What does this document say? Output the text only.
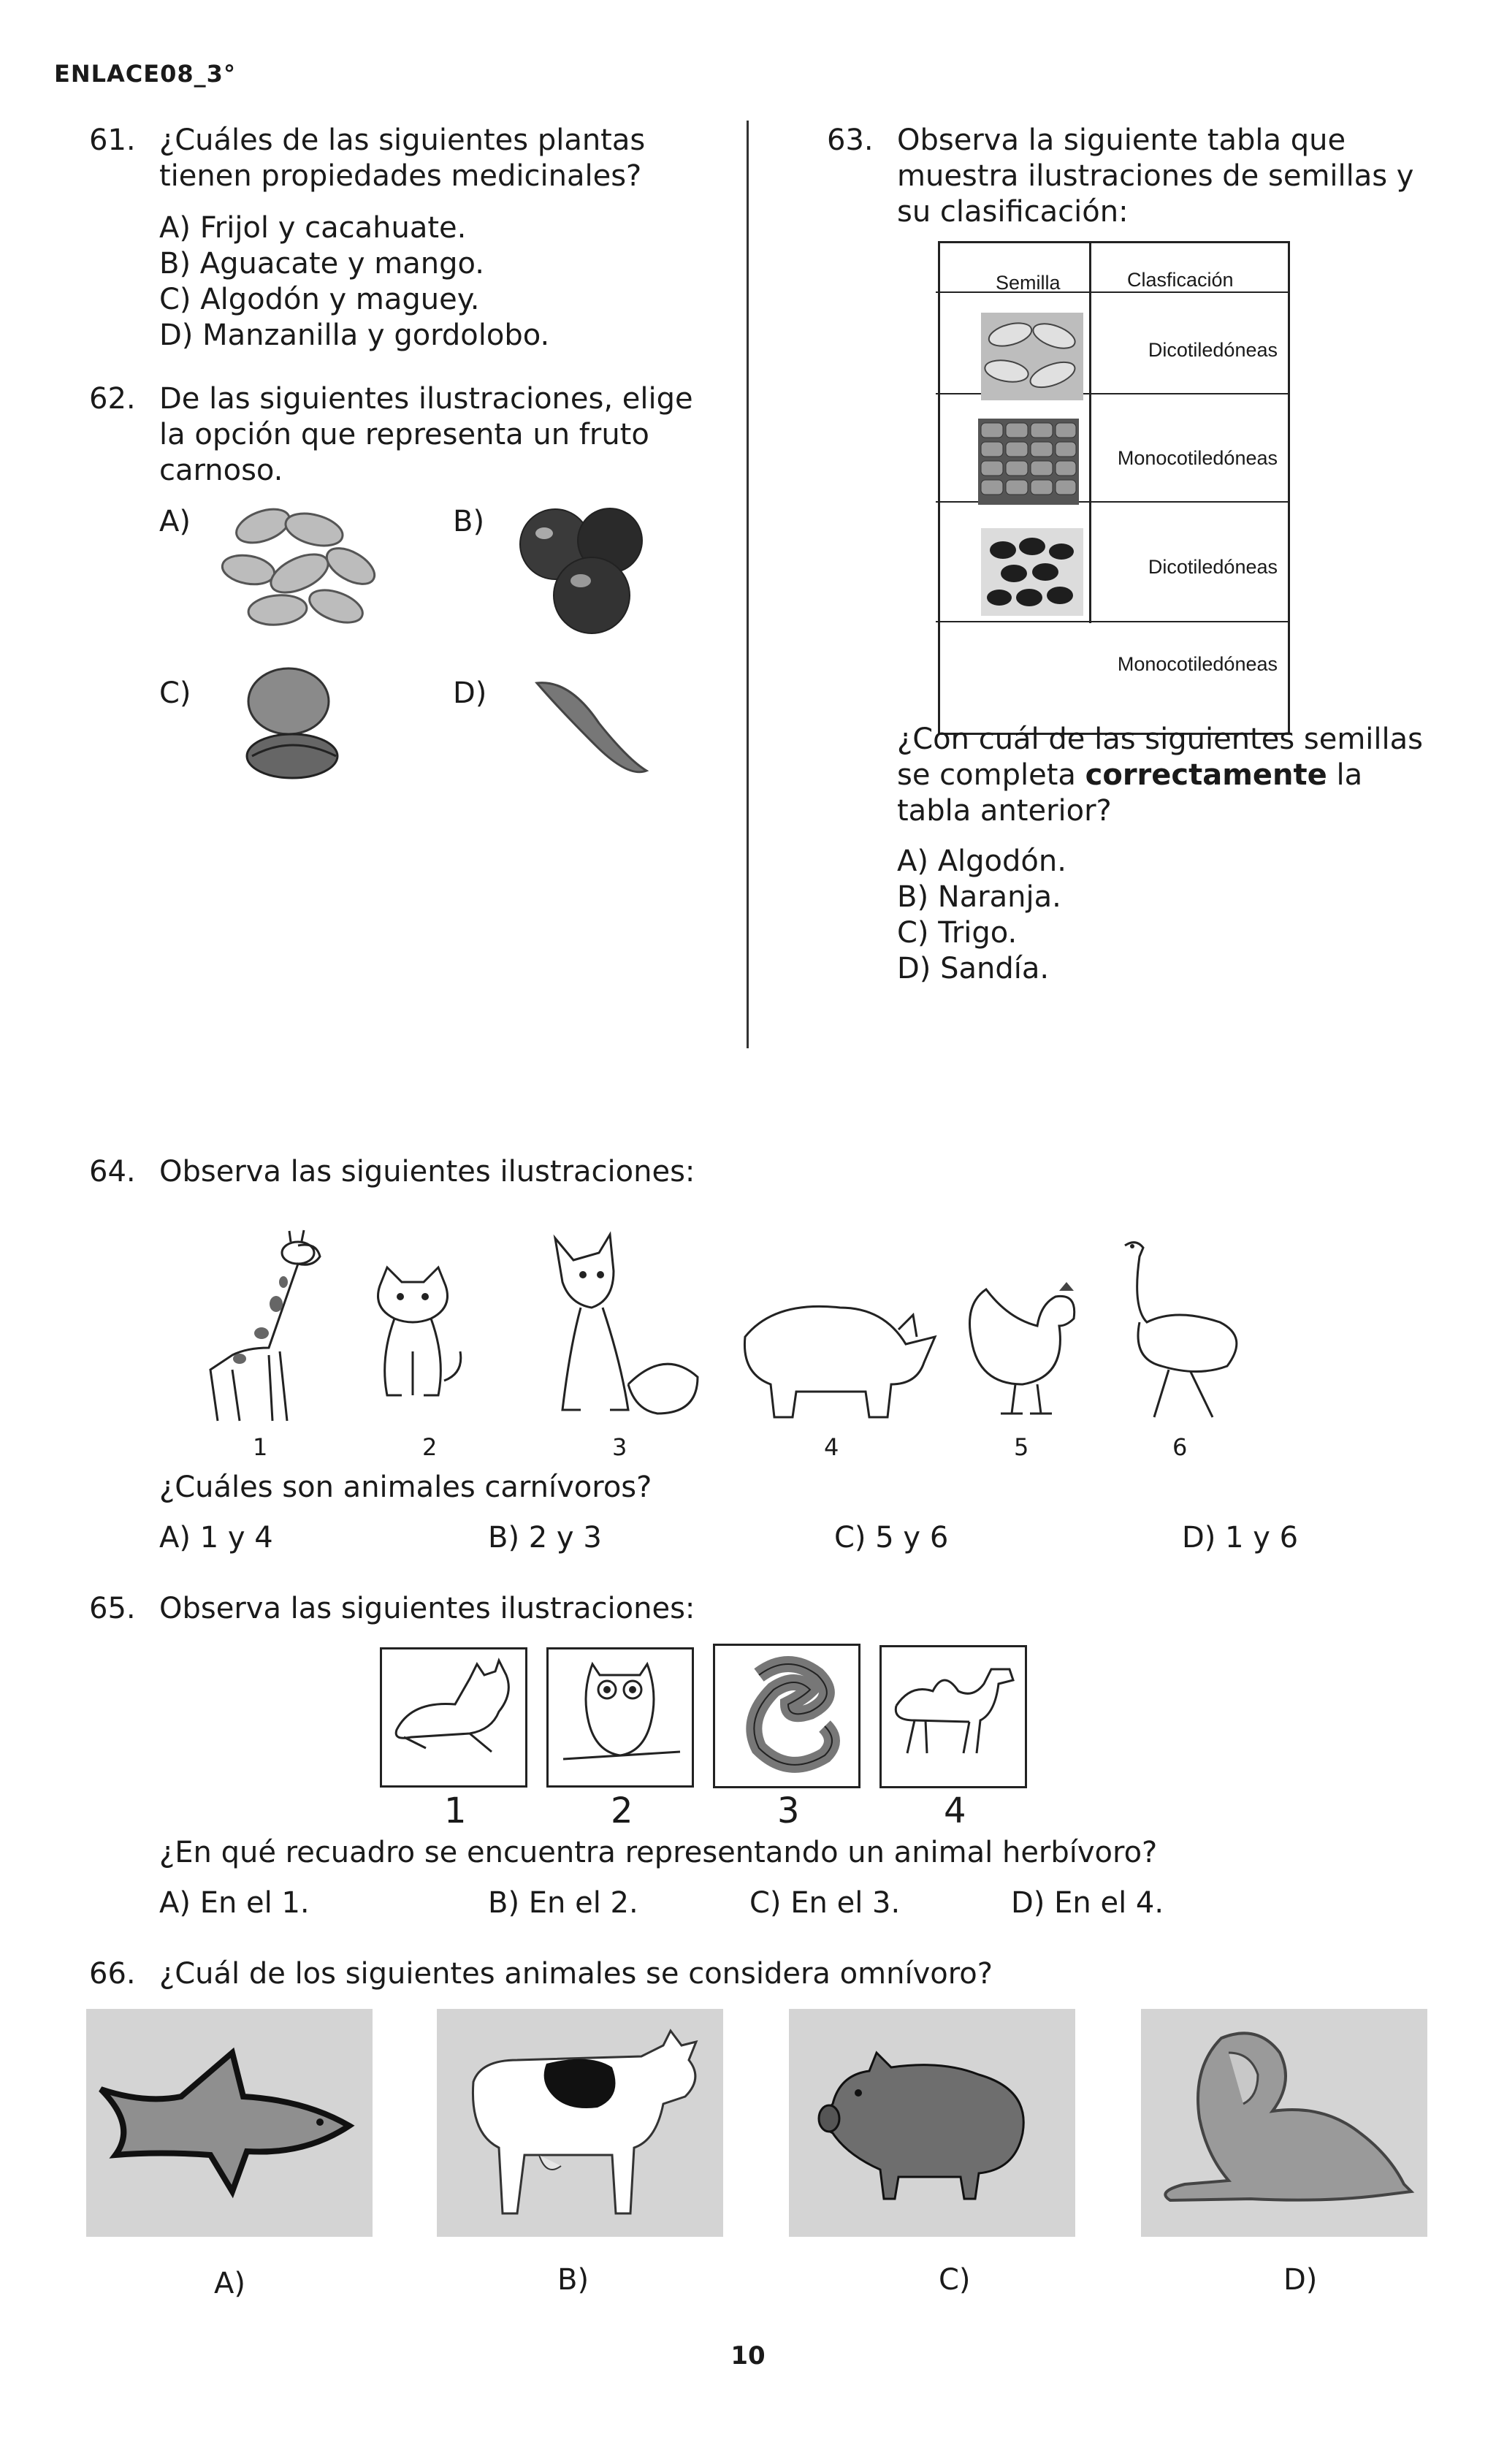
ENLACE08_3°
61. ¿Cuáles de las siguientes plantas
tienen propiedades medicinales?
A) Frijol y cacahuate.
B) Aguacate y mango.
C) Algodón y maguey.
D) Manzanilla y gordolobo.
62. De las siguientes ilustraciones, elige
la opción que representa un fruto
carnoso.
A)	B)
C)	D)
63. Observa la siguiente tabla que
muestra ilustraciones de semillas y
su clasificación:
Semilla	Clasficación
Dicotiledóneas
Monocotiledóneas
Dicotiledóneas
Monocotiledóneas
¿Con cuál de las siguientes semillas
se completa correctamente la
tabla anterior?
A) Algodón.
B) Naranja.
C) Trigo.
D) Sandía.
64. Observa las siguientes ilustraciones:
1	2	3	4	5	6
¿Cuáles son animales carnívoros?
A) 1 y 4	B) 2 y 3	C) 5 y 6	D) 1 y 6
65. Observa las siguientes ilustraciones:
1	2	3	4
¿En qué recuadro se encuentra representando un animal herbívoro?
A) En el 1.	B) En el 2.	C) En el 3.	D) En el 4.
66. ¿Cuál de los siguientes animales se considera omnívoro?
A)	B)	C)	D)
10
